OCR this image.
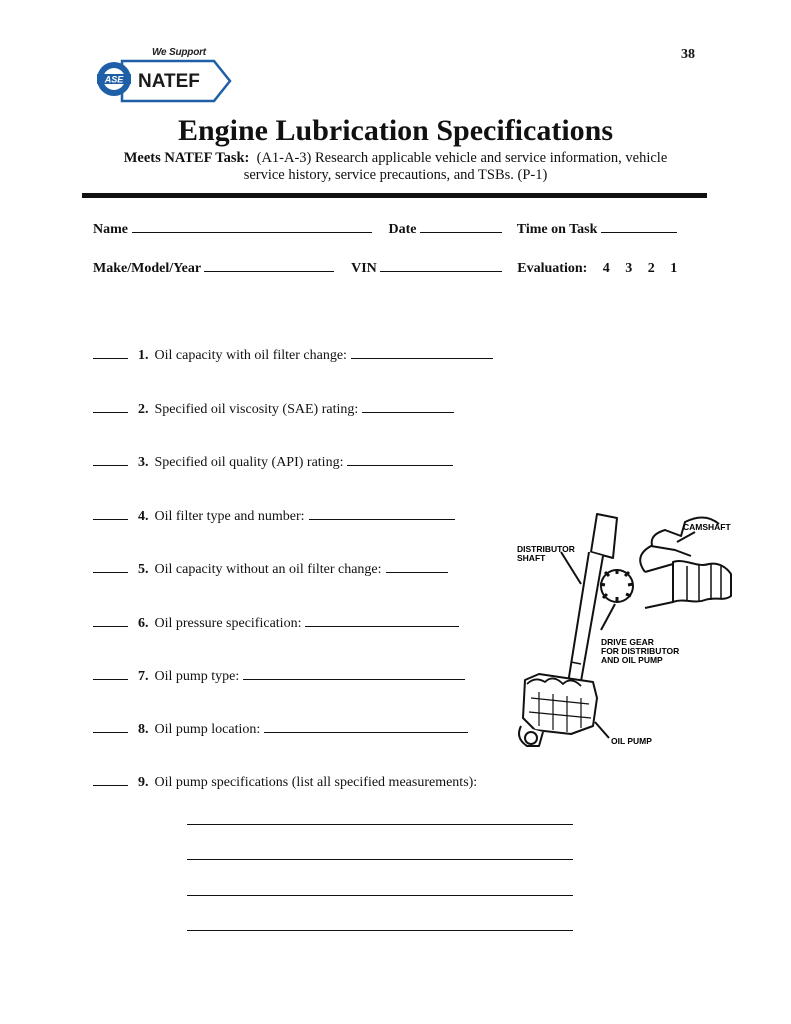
38
ASE NATEF
We Support
Engine Lubrication Specifications
Meets NATEF Task: (A1-A-3) Research applicable vehicle and service information, vehicle
service history, service precautions, and TSBs. (P-1)
Name	Date	Time on Task
Make/Model/Year	VIN	Evaluation: 4 3 2 1
1. Oil capacity with oil filter change:
2. Specified oil viscosity (SAE) rating:
3. Specified oil quality (API) rating:
4. Oil filter type and number:
5. Oil capacity without an oil filter change:
6. Oil pressure specification:
7. Oil pump type:
8. Oil pump location:
9. Oil pump specifications (list all specified measurements):
CAMSHAFT
DISTRIBUTOR
SHAFT
DRIVE GEAR
FOR DISTRIBUTOR
AND OIL PUMP
OIL PUMP
